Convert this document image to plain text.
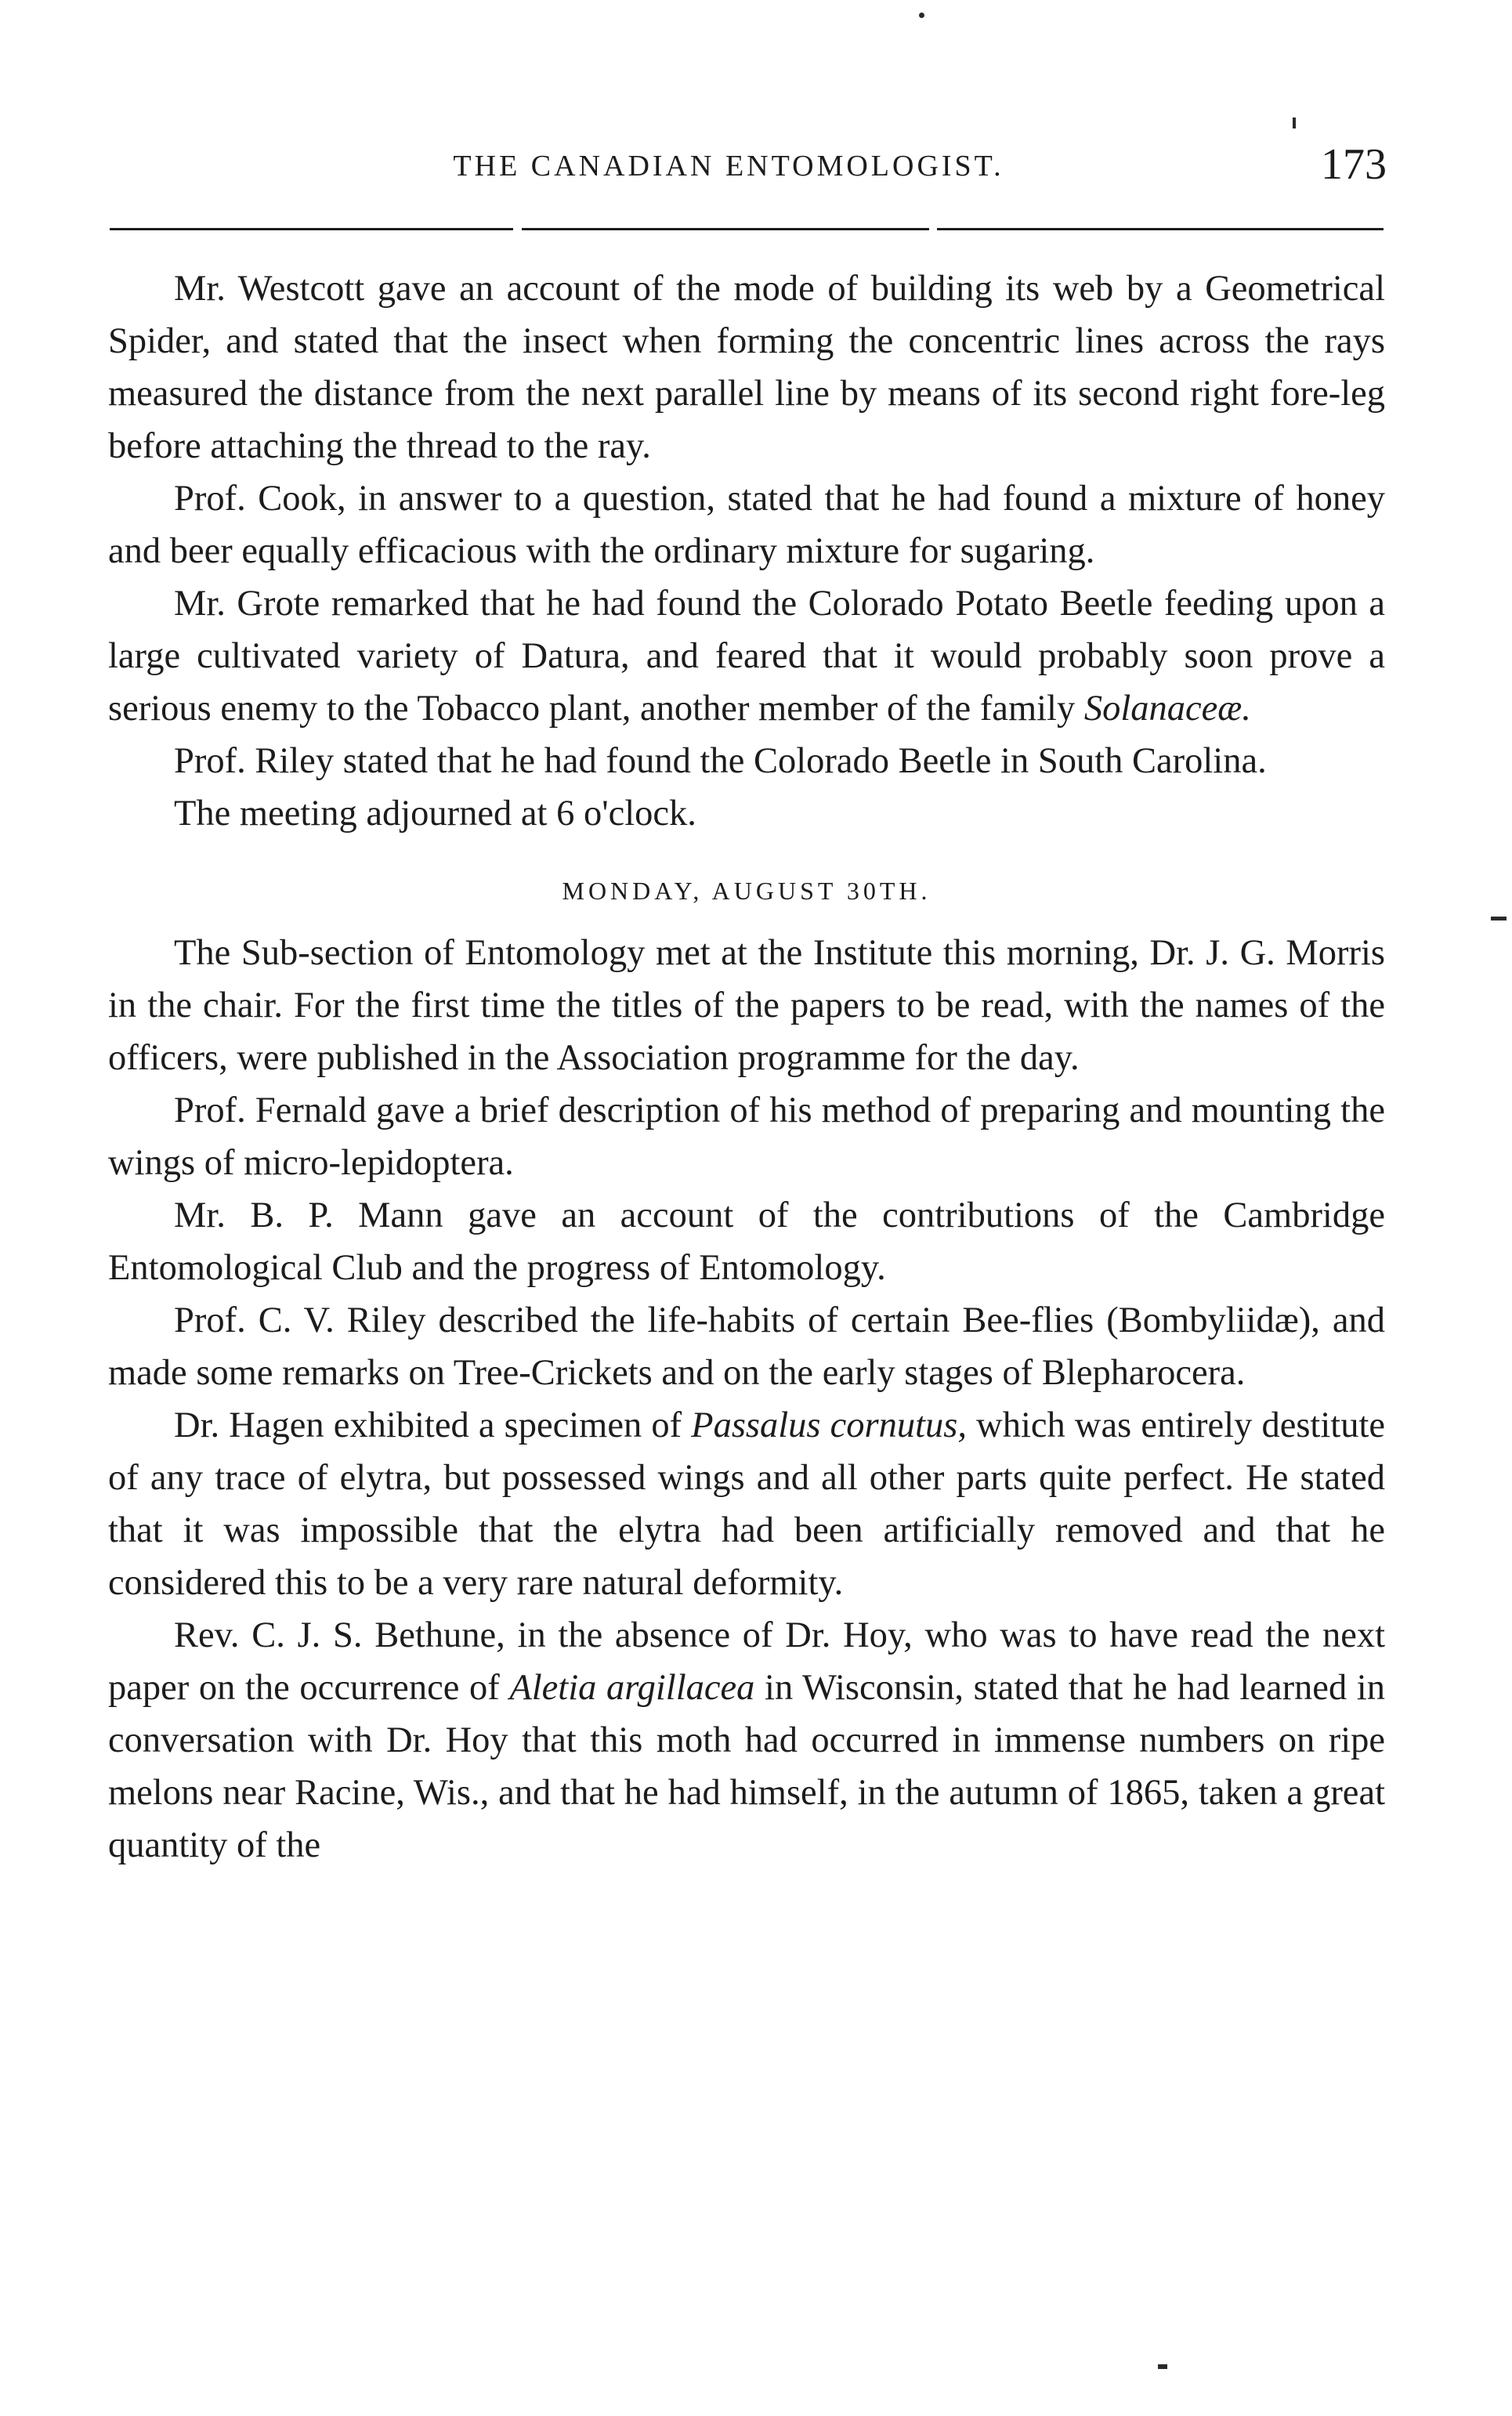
THE CANADIAN ENTOMOLOGIST.	173

Mr. Westcott gave an account of the mode of building its web by a Geometrical Spider, and stated that the insect when forming the concentric lines across the rays measured the distance from the next parallel line by means of its second right fore-leg before attaching the thread to the ray.

Prof. Cook, in answer to a question, stated that he had found a mixture of honey and beer equally efficacious with the ordinary mixture for sugaring.

Mr. Grote remarked that he had found the Colorado Potato Beetle feeding upon a large cultivated variety of Datura, and feared that it would probably soon prove a serious enemy to the Tobacco plant, another member of the family Solanaceæ.

Prof. Riley stated that he had found the Colorado Beetle in South Carolina.

The meeting adjourned at 6 o'clock.

MONDAY, AUGUST 30TH.

The Sub-section of Entomology met at the Institute this morning, Dr. J. G. Morris in the chair. For the first time the titles of the papers to be read, with the names of the officers, were published in the Association programme for the day.

Prof. Fernald gave a brief description of his method of preparing and mounting the wings of micro-lepidoptera.

Mr. B. P. Mann gave an account of the contributions of the Cambridge Entomological Club and the progress of Entomology.

Prof. C. V. Riley described the life-habits of certain Bee-flies (Bombyliidæ), and made some remarks on Tree-Crickets and on the early stages of Blepharocera.

Dr. Hagen exhibited a specimen of Passalus cornutus, which was entirely destitute of any trace of elytra, but possessed wings and all other parts quite perfect. He stated that it was impossible that the elytra had been artificially removed and that he considered this to be a very rare natural deformity.

Rev. C. J. S. Bethune, in the absence of Dr. Hoy, who was to have read the next paper on the occurrence of Aletia argillacea in Wisconsin, stated that he had learned in conversation with Dr. Hoy that this moth had occurred in immense numbers on ripe melons near Racine, Wis., and that he had himself, in the autumn of 1865, taken a great quantity of the
